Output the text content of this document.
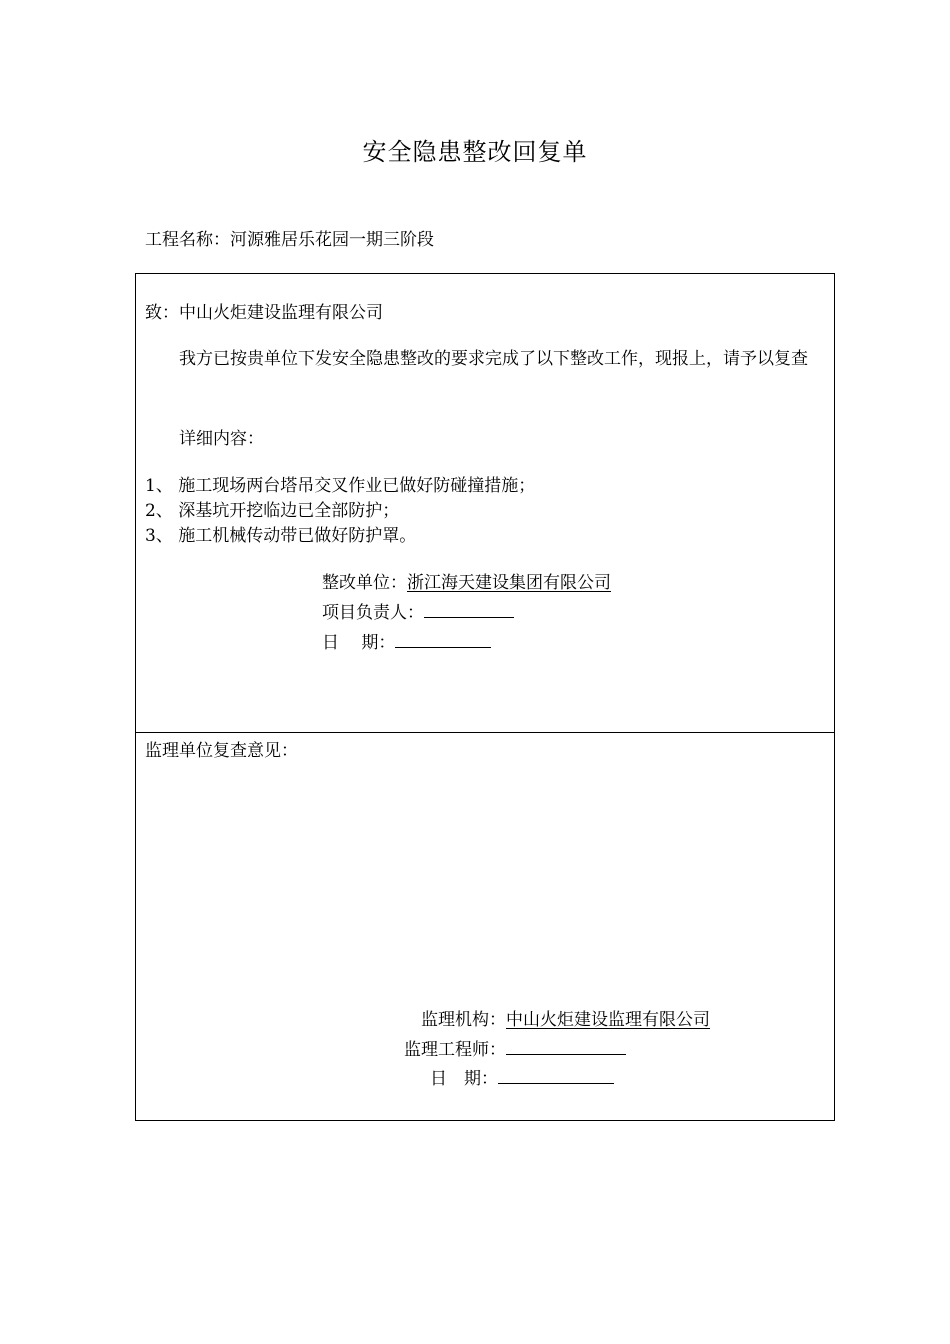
安全隐患整改回复单
工程名称：河源雅居乐花园一期三阶段
致：中山火炬建设监理有限公司
我方已按贵单位下发安全隐患整改的要求完成了以下整改工作，现报上，请予以复查
详细内容：
1、 施工现场两台塔吊交叉作业已做好防碰撞措施；
2、 深基坑开挖临边已全部防护；
3、 施工机械传动带已做好防护罩。
整改单位：浙江海天建设集团有限公司
项目负责人：
日　 期：
监理单位复查意见：
监理机构：中山火炬建设监理有限公司
监理工程师：
日　期：
